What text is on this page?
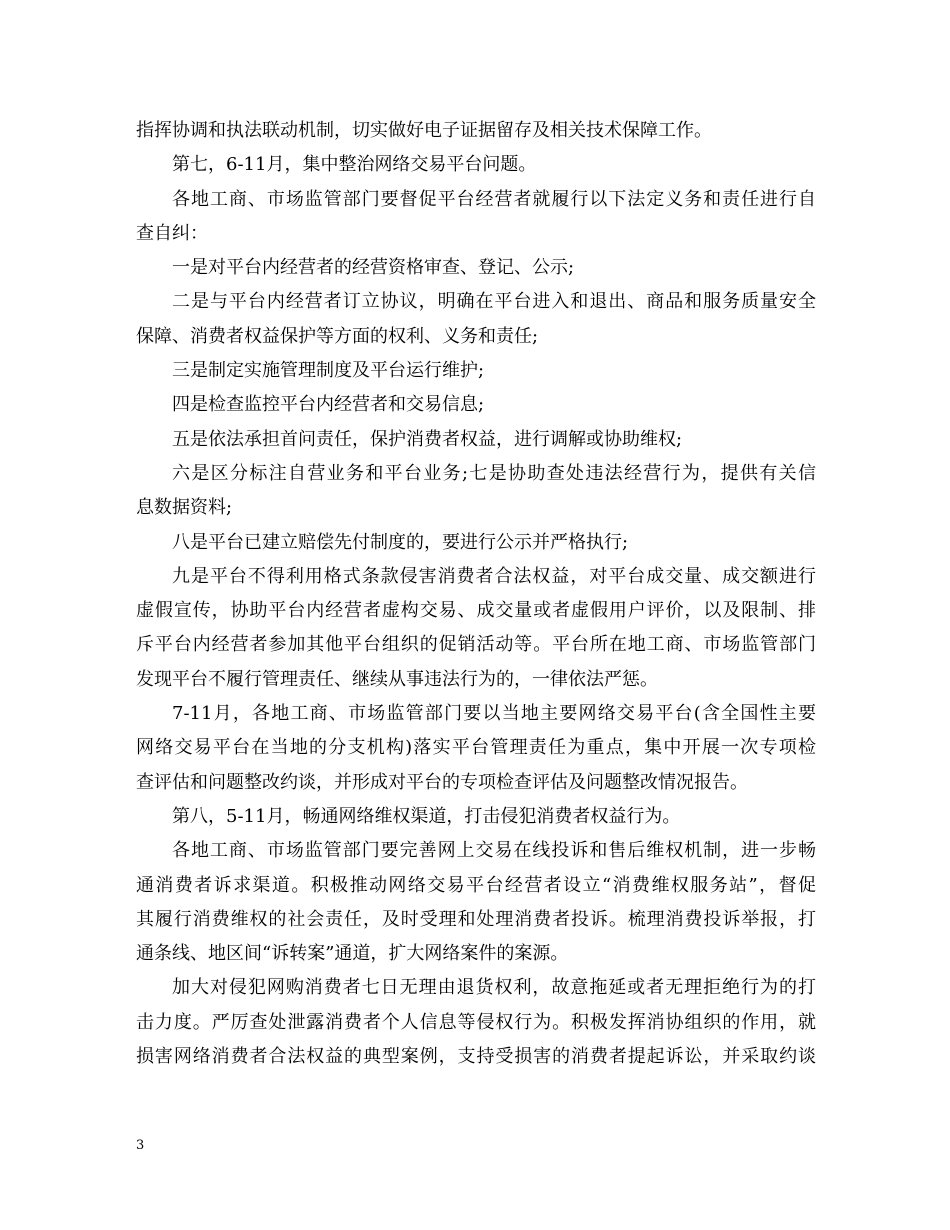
指挥协调和执法联动机制，切实做好电子证据留存及相关技术保障工作。
第七，6-11月，集中整治网络交易平台问题。
各地工商、市场监管部门要督促平台经营者就履行以下法定义务和责任进行自
查自纠：
一是对平台内经营者的经营资格审查、登记、公示;
二是与平台内经营者订立协议，明确在平台进入和退出、商品和服务质量安全
保障、消费者权益保护等方面的权利、义务和责任;
三是制定实施管理制度及平台运行维护;
四是检查监控平台内经营者和交易信息;
五是依法承担首问责任，保护消费者权益，进行调解或协助维权;
六是区分标注自营业务和平台业务;七是协助查处违法经营行为，提供有关信
息数据资料;
八是平台已建立赔偿先付制度的，要进行公示并严格执行;
九是平台不得利用格式条款侵害消费者合法权益，对平台成交量、成交额进行
虚假宣传，协助平台内经营者虚构交易、成交量或者虚假用户评价，以及限制、排
斥平台内经营者参加其他平台组织的促销活动等。平台所在地工商、市场监管部门
发现平台不履行管理责任、继续从事违法行为的，一律依法严惩。
7-11月，各地工商、市场监管部门要以当地主要网络交易平台(含全国性主要
网络交易平台在当地的分支机构)落实平台管理责任为重点，集中开展一次专项检
查评估和问题整改约谈，并形成对平台的专项检查评估及问题整改情况报告。
第八，5-11月，畅通网络维权渠道，打击侵犯消费者权益行为。
各地工商、市场监管部门要完善网上交易在线投诉和售后维权机制，进一步畅
通消费者诉求渠道。积极推动网络交易平台经营者设立“消费维权服务站”，督促
其履行消费维权的社会责任，及时受理和处理消费者投诉。梳理消费投诉举报，打
通条线、地区间“诉转案”通道，扩大网络案件的案源。
加大对侵犯网购消费者七日无理由退货权利，故意拖延或者无理拒绝行为的打
击力度。严厉查处泄露消费者个人信息等侵权行为。积极发挥消协组织的作用，就
损害网络消费者合法权益的典型案例，支持受损害的消费者提起诉讼，并采取约谈
3
